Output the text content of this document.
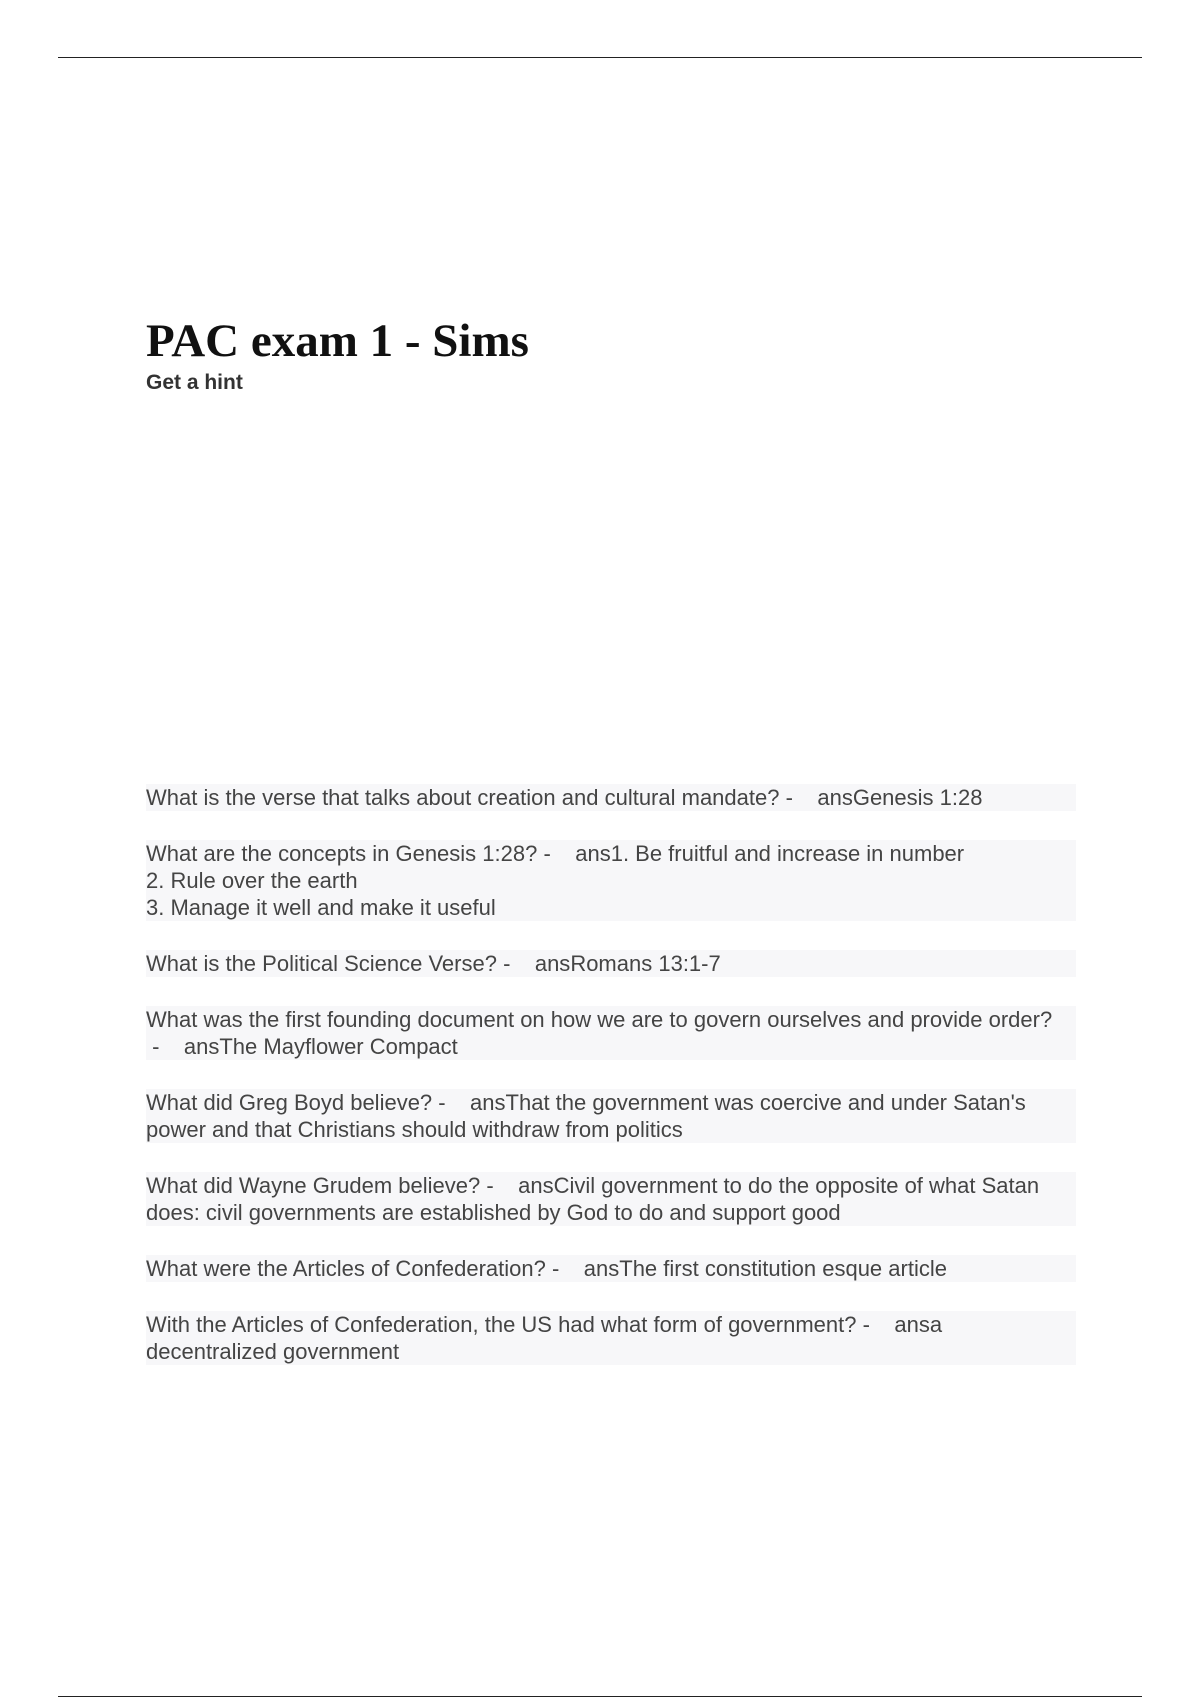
PAC exam 1 - Sims

Get a hint

What is the verse that talks about creation and cultural mandate? -    ansGenesis 1:28
What are the concepts in Genesis 1:28? -    ans1. Be fruitful and increase in number
2. Rule over the earth
3. Manage it well and make it useful
What is the Political Science Verse? -    ansRomans 13:1-7
What was the first founding document on how we are to govern ourselves and provide order? -    ansThe Mayflower Compact
What did Greg Boyd believe? -    ansThat the government was coercive and under Satan's power and that Christians should withdraw from politics
What did Wayne Grudem believe? -    ansCivil government to do the opposite of what Satan does: civil governments are established by God to do and support good
What were the Articles of Confederation? -    ansThe first constitution esque article
With the Articles of Confederation, the US had what form of government? -    ansa decentralized government
